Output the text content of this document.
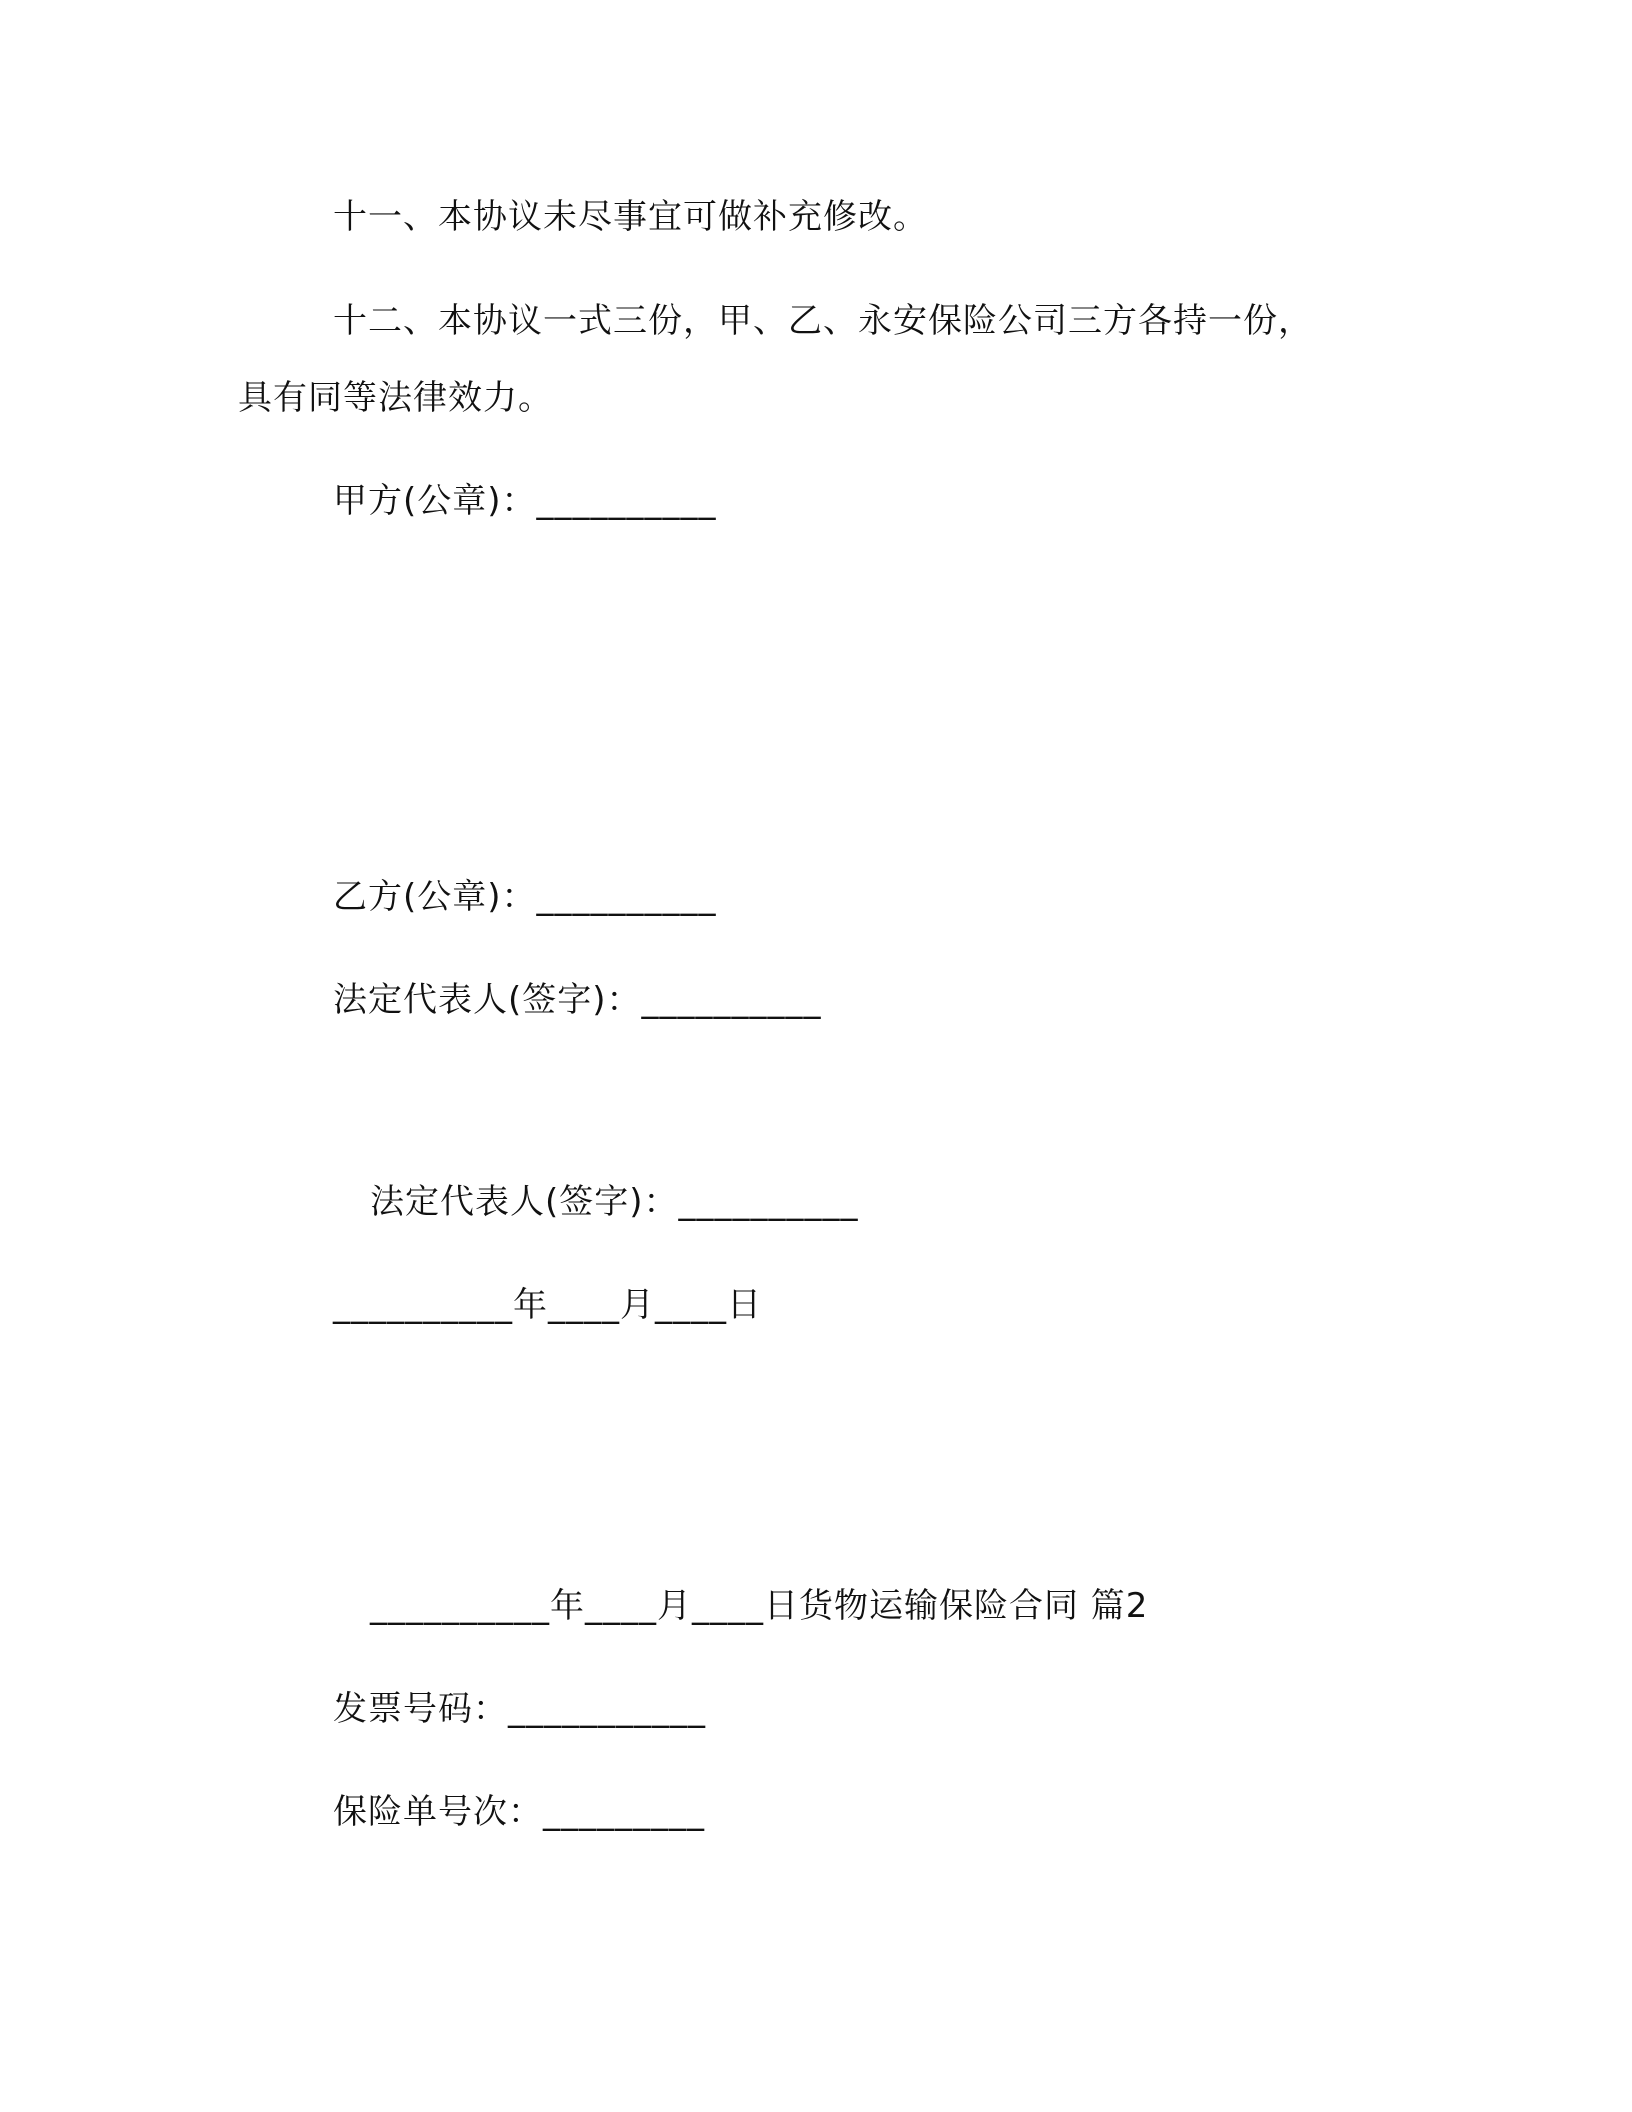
十一、本协议未尽事宜可做补充修改。
十二、本协议一式三份，甲、乙、永安保险公司三方各持一份，
具有同等法律效力。
甲方(公章)：__________
乙方(公章)：__________
法定代表人(签字)：__________
法定代表人(签字)：__________
__________年____月____日
__________年____月____日货物运输保险合同 篇2
发票号码：___________
保险单号次：_________
